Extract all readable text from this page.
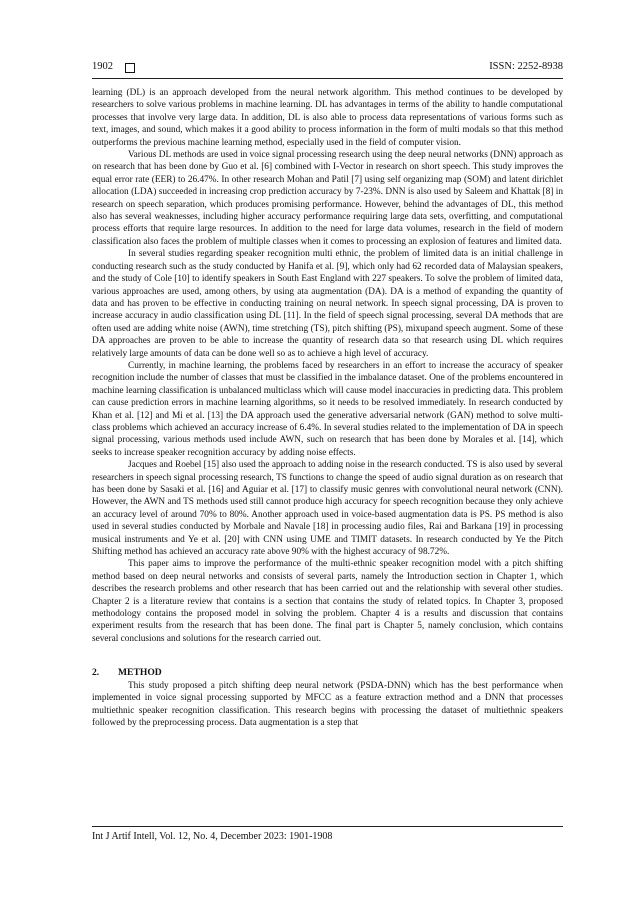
1902	ISSN: 2252-8938

learning (DL) is an approach developed from the neural network algorithm. This method continues to be developed by researchers to solve various problems in machine learning. DL has advantages in terms of the ability to handle computational processes that involve very large data. In addition, DL is also able to process data representations of various forms such as text, images, and sound, which makes it a good ability to process information in the form of multi modals so that this method outperforms the previous machine learning method, especially used in the field of computer vision.

Various DL methods are used in voice signal processing research using the deep neural networks (DNN) approach as on research that has been done by Guo et al. [6] combined with I-Vector in research on short speech. This study improves the equal error rate (EER) to 26.47%. In other research Mohan and Patil [7] using self organizing map (SOM) and latent dirichlet allocation (LDA) succeeded in increasing crop prediction accuracy by 7-23%. DNN is also used by Saleem and Khattak [8] in research on speech separation, which produces promising performance. However, behind the advantages of DL, this method also has several weaknesses, including higher accuracy performance requiring large data sets, overfitting, and computational process efforts that require large resources. In addition to the need for large data volumes, research in the field of modern classification also faces the problem of multiple classes when it comes to processing an explosion of features and limited data.

In several studies regarding speaker recognition multi ethnic, the problem of limited data is an initial challenge in conducting research such as the study conducted by Hanifa et al. [9], which only had 62 recorded data of Malaysian speakers, and the study of Cole [10] to identify speakers in South East England with 227 speakers. To solve the problem of limited data, various approaches are used, among others, by using ata augmentation (DA). DA is a method of expanding the quantity of data and has proven to be effective in conducting training on neural network. In speech signal processing, DA is proven to increase accuracy in audio classification using DL [11]. In the field of speech signal processing, several DA methods that are often used are adding white noise (AWN), time stretching (TS), pitch shifting (PS), mixupand speech augment. Some of these DA approaches are proven to be able to increase the quantity of research data so that research using DL which requires relatively large amounts of data can be done well so as to achieve a high level of accuracy.

Currently, in machine learning, the problems faced by researchers in an effort to increase the accuracy of speaker recognition include the number of classes that must be classified in the imbalance dataset. One of the problems encountered in machine learning classification is unbalanced multiclass which will cause model inaccuracies in predicting data. This problem can cause prediction errors in machine learning algorithms, so it needs to be resolved immediately. In research conducted by Khan et al. [12] and Mi et al. [13] the DA approach used the generative adversarial network (GAN) method to solve multi-class problems which achieved an accuracy increase of 6.4%. In several studies related to the implementation of DA in speech signal processing, various methods used include AWN, such on research that has been done by Morales et al. [14], which seeks to increase speaker recognition accuracy by adding noise effects.

Jacques and Roebel [15] also used the approach to adding noise in the research conducted. TS is also used by several researchers in speech signal processing research, TS functions to change the speed of audio signal duration as on research that has been done by Sasaki et al. [16] and Aguiar et al. [17] to classify music genres with convolutional neural network (CNN). However, the AWN and TS methods used still cannot produce high accuracy for speech recognition because they only achieve an accuracy level of around 70% to 80%. Another approach used in voice-based augmentation data is PS. PS method is also used in several studies conducted by Morbale and Navale [18] in processing audio files, Rai and Barkana [19] in processing musical instruments and Ye et al. [20] with CNN using UME and TIMIT datasets. In research conducted by Ye the Pitch Shifting method has achieved an accuracy rate above 90% with the highest accuracy of 98.72%.

This paper aims to improve the performance of the multi-ethnic speaker recognition model with a pitch shifting method based on deep neural networks and consists of several parts, namely the Introduction section in Chapter 1, which describes the research problems and other research that has been carried out and the relationship with several other studies. Chapter 2 is a literature review that contains is a section that contains the study of related topics. In Chapter 3, proposed methodology contains the proposed model in solving the problem. Chapter 4 is a results and discussion that contains experiment results from the research that has been done. The final part is Chapter 5, namely conclusion, which contains several conclusions and solutions for the research carried out.

2. METHOD

This study proposed a pitch shifting deep neural network (PSDA-DNN) which has the best performance when implemented in voice signal processing supported by MFCC as a feature extraction method and a DNN that processes multiethnic speaker recognition classification. This research begins with processing the dataset of multiethnic speakers followed by the preprocessing process. Data augmentation is a step that

Int J Artif Intell, Vol. 12, No. 4, December 2023: 1901-1908
